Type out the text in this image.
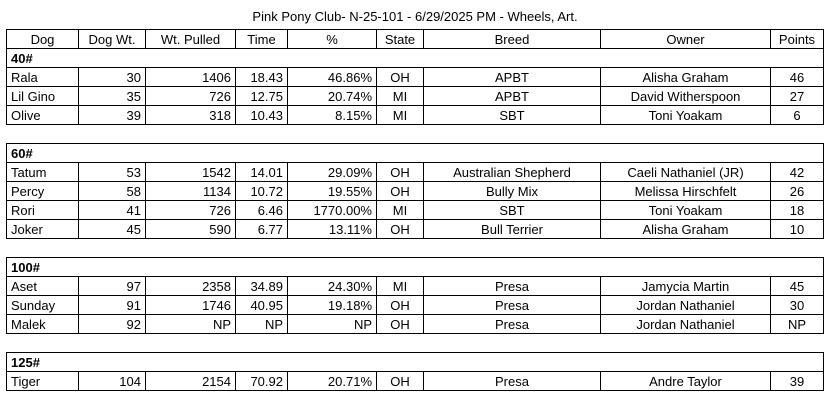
Pink Pony Club- N-25-101 - 6/29/2025 PM - Wheels, Art.
Dog	Dog Wt.	Wt. Pulled	Time	%	State	Breed	Owner	Points
40#								
Rala	30	1406	18.43	46.86%	OH	APBT	Alisha Graham	46
Lil Gino	35	726	12.75	20.74%	MI	APBT	David Witherspoon	27
Olive	39	318	10.43	8.15%	MI	SBT	Toni Yoakam	6

60#								
Tatum	53	1542	14.01	29.09%	OH	Australian Shepherd	Caeli Nathaniel (JR)	42
Percy	58	1134	10.72	19.55%	OH	Bully Mix	Melissa Hirschfelt	26
Rori	41	726	6.46	1770.00%	MI	SBT	Toni Yoakam	18
Joker	45	590	6.77	13.11%	OH	Bull Terrier	Alisha Graham	10

100#								
Aset	97	2358	34.89	24.30%	MI	Presa	Jamycia Martin	45
Sunday	91	1746	40.95	19.18%	OH	Presa	Jordan Nathaniel	30
Malek	92	NP	NP	NP	OH	Presa	Jordan Nathaniel	NP

125#								
Tiger	104	2154	70.92	20.71%	OH	Presa	Andre Taylor	39
